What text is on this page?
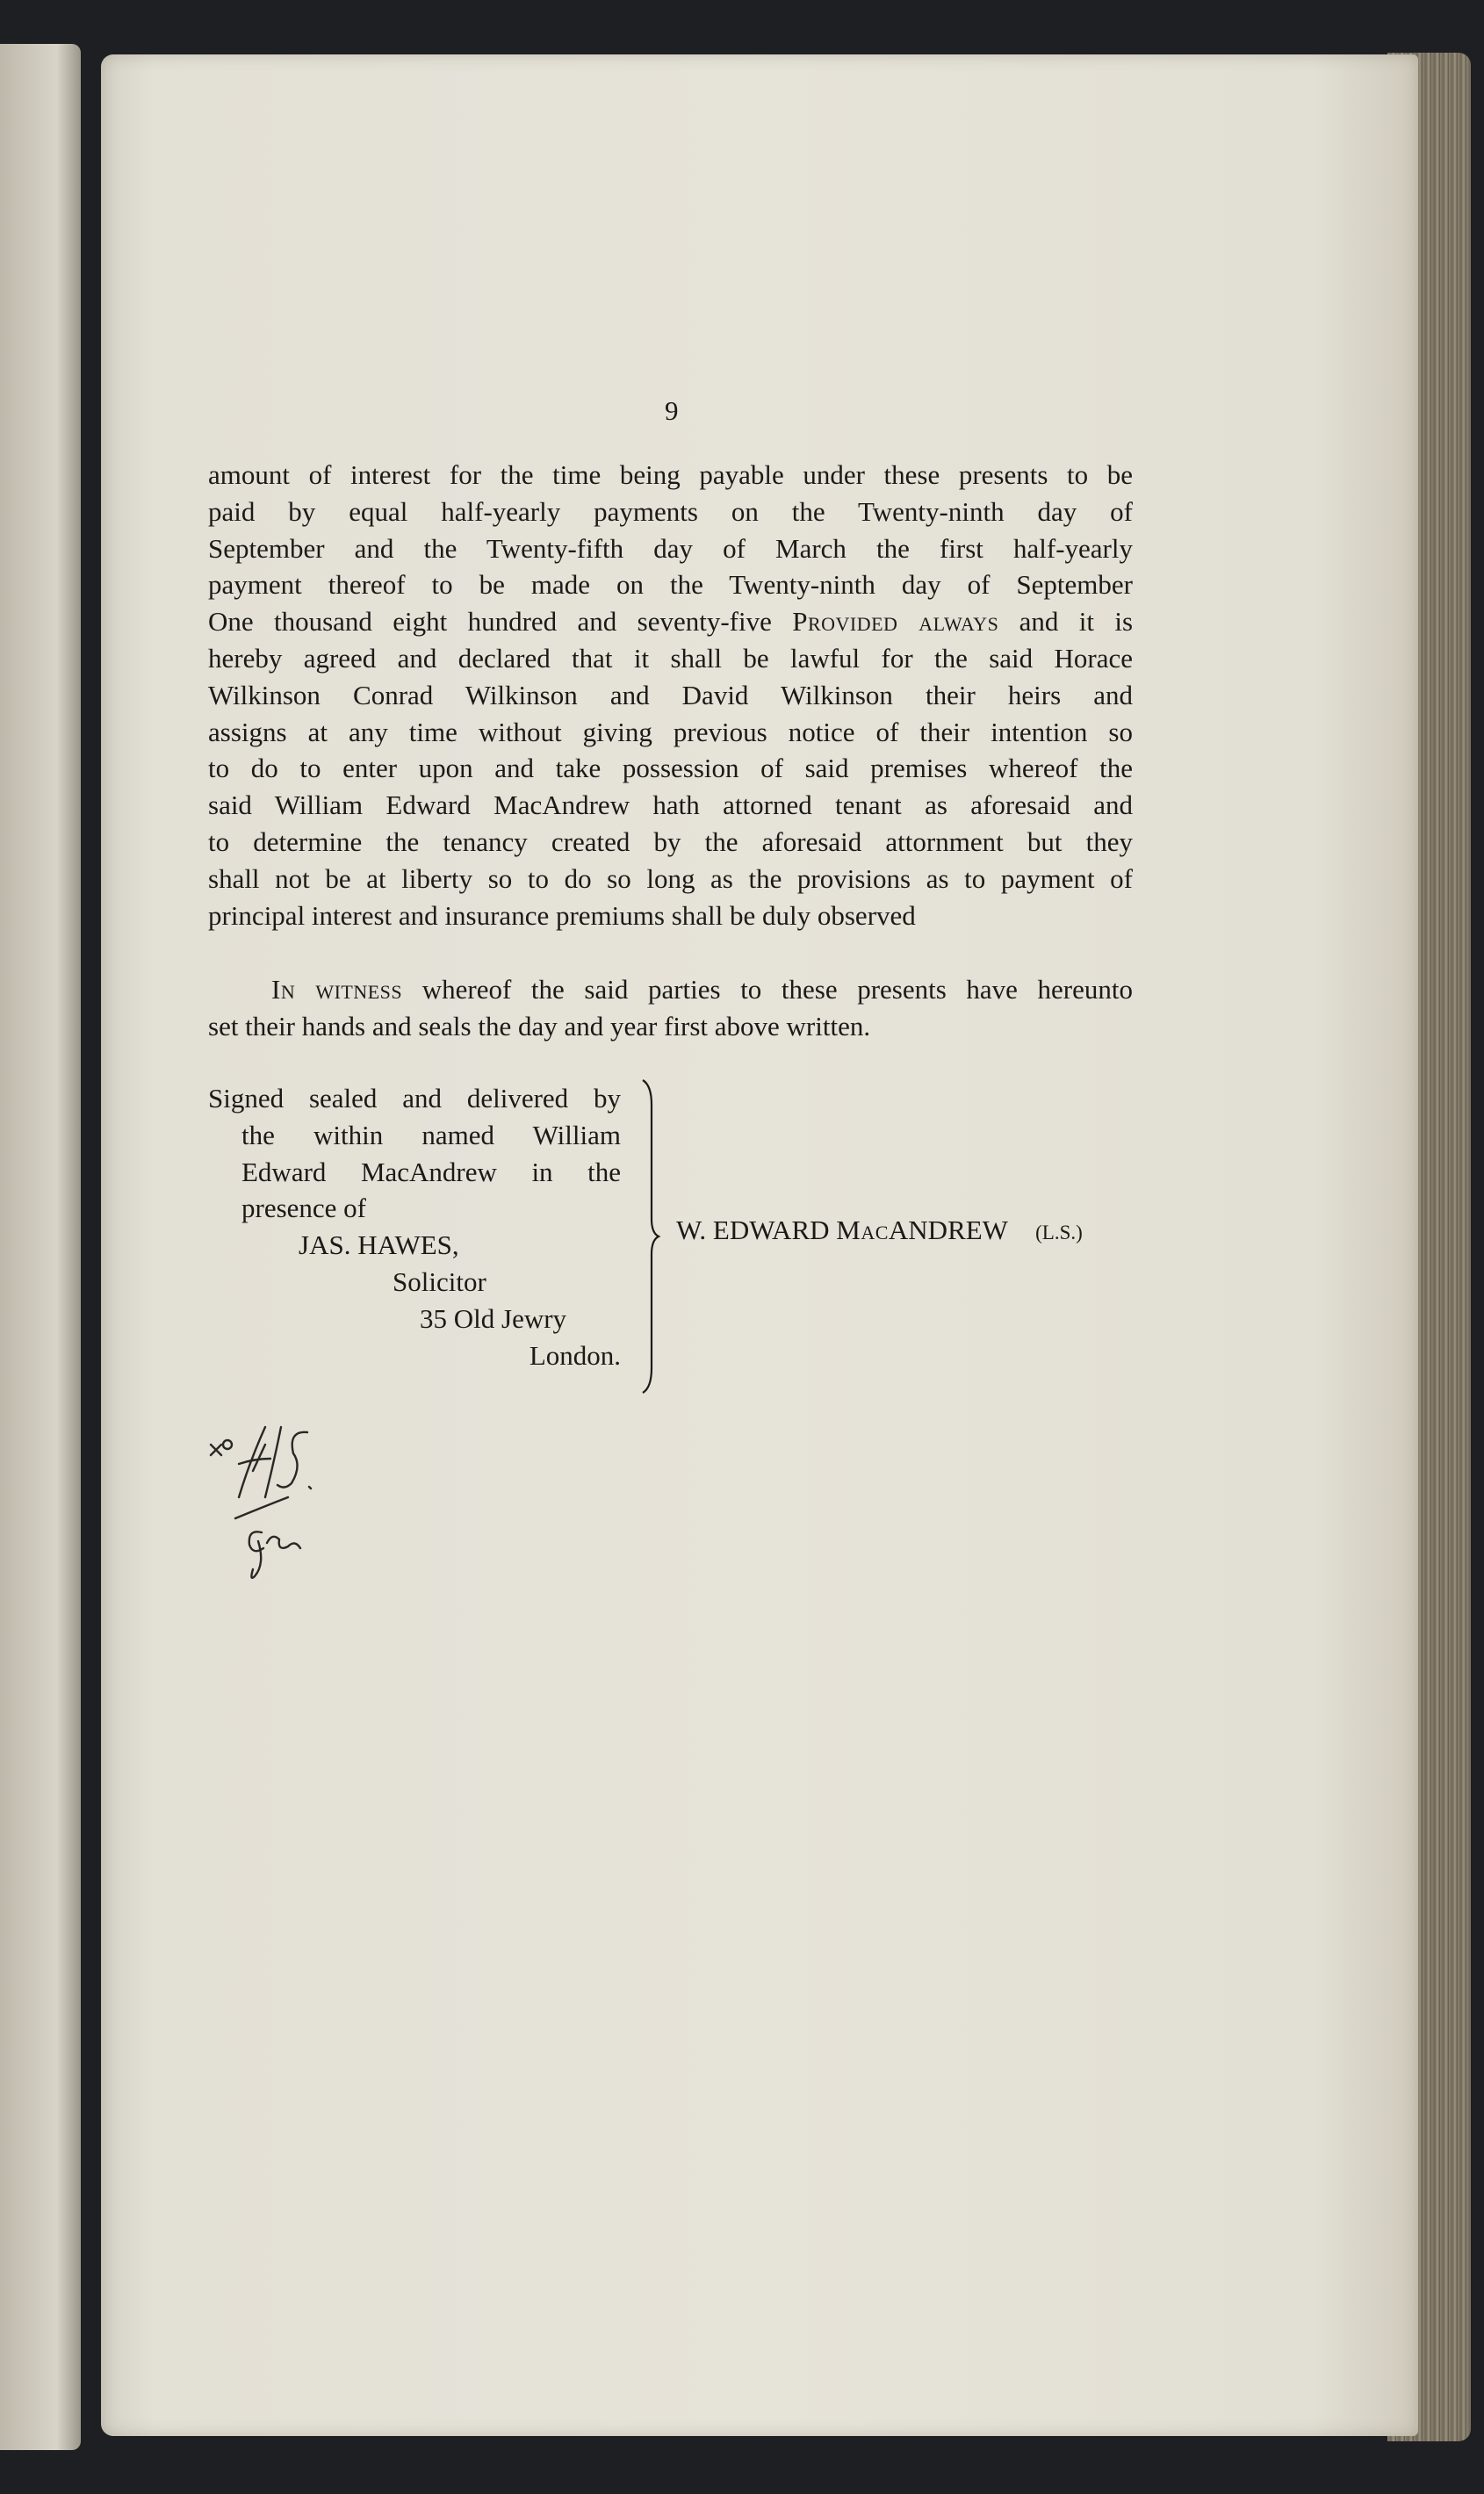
9
amount of interest for the time being payable under these presents to be
paid by equal half-yearly payments on the Twenty-ninth day of
September and the Twenty-fifth day of March the first half-yearly
payment thereof to be made on the Twenty-ninth day of September
One thousand eight hundred and seventy-five Provided always and it is
hereby agreed and declared that it shall be lawful for the said Horace
Wilkinson Conrad Wilkinson and David Wilkinson their heirs and
assigns at any time without giving previous notice of their intention so
to do to enter upon and take possession of said premises whereof the
said William Edward MacAndrew hath attorned tenant as aforesaid and
to determine the tenancy created by the aforesaid attornment but they
shall not be at liberty so to do so long as the provisions as to payment of
principal interest and insurance premiums shall be duly observed
In witness whereof the said parties to these presents have hereunto
set their hands and seals the day and year first above written.
Signed sealed and delivered by
the within named William
Edward MacAndrew in the
presence of
JAS. HAWES,
Solicitor
35 Old Jewry
London.
W. EDWARD MacANDREW (L.S.)
